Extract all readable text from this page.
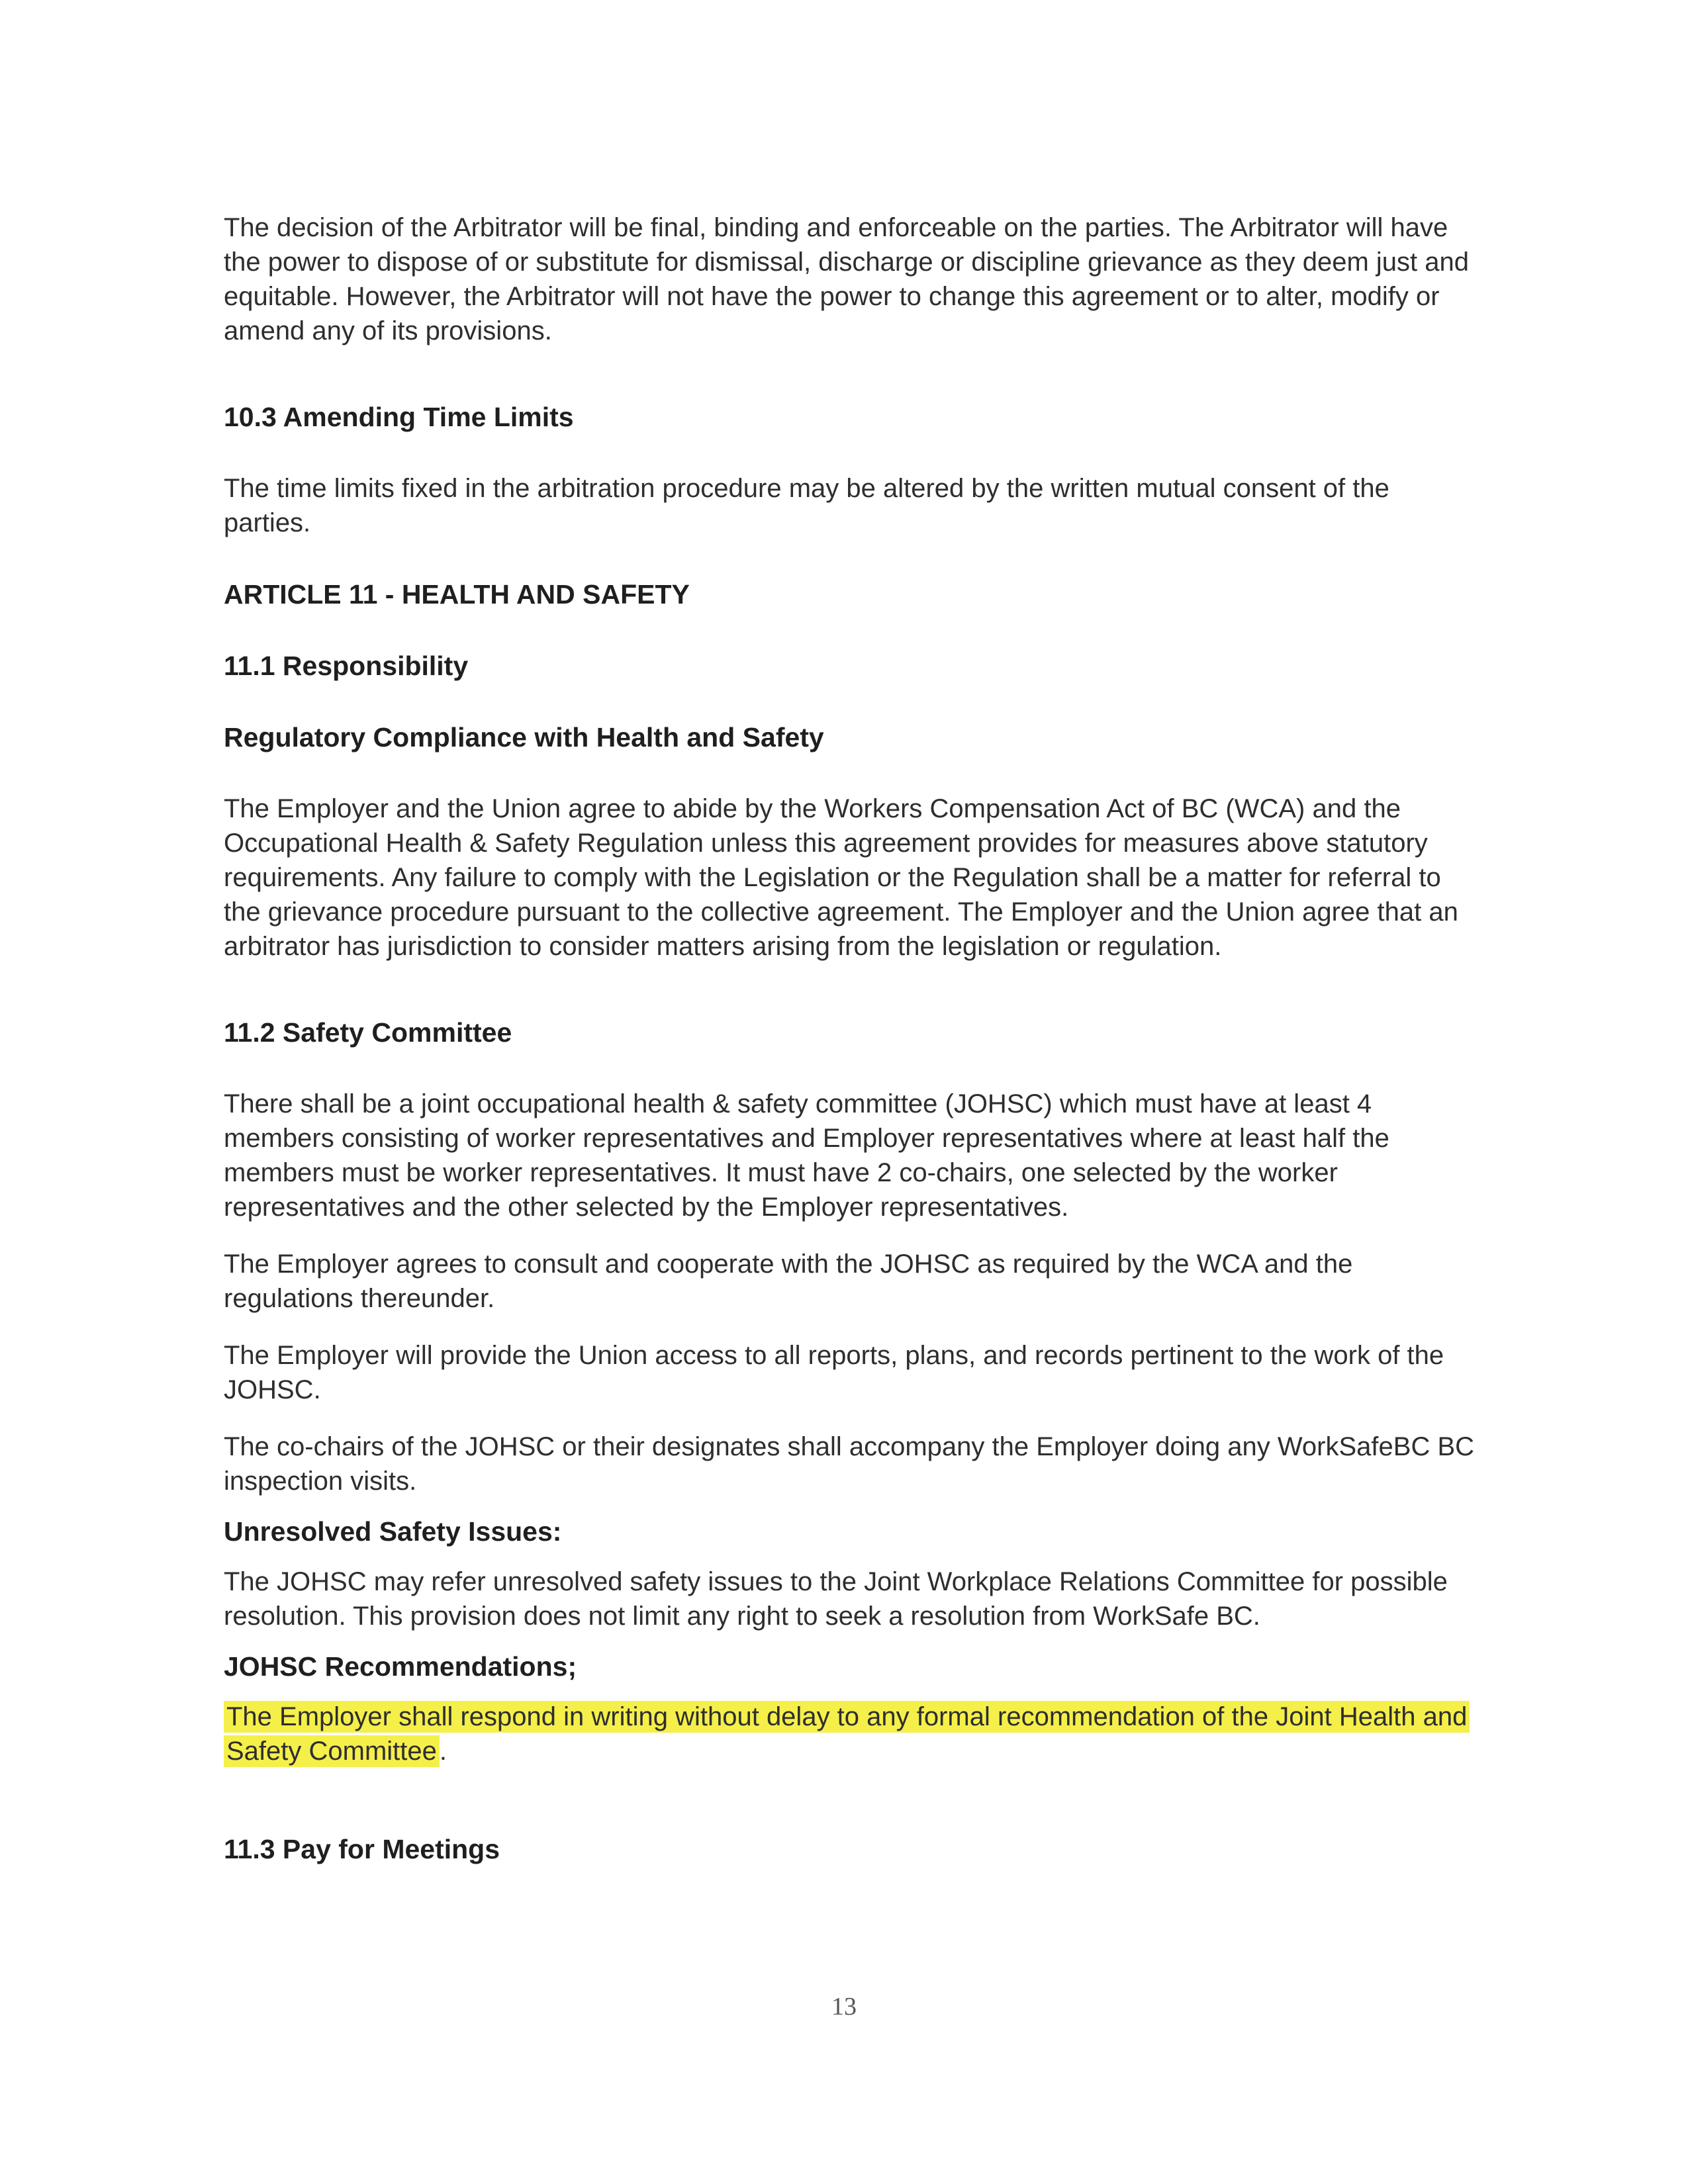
The decision of the Arbitrator will be final, binding and enforceable on the parties. The Arbitrator will have the power to dispose of or substitute for dismissal, discharge or discipline grievance as they deem just and equitable. However, the Arbitrator will not have the power to change this agreement or to alter, modify or amend any of its provisions.

10.3 Amending Time Limits

The time limits fixed in the arbitration procedure may be altered by the written mutual consent of the parties.

ARTICLE 11 - HEALTH AND SAFETY
11.1 Responsibility
Regulatory Compliance with Health and Safety

The Employer and the Union agree to abide by the Workers Compensation Act of BC (WCA) and the Occupational Health & Safety Regulation unless this agreement provides for measures above statutory requirements. Any failure to comply with the Legislation or the Regulation shall be a matter for referral to the grievance procedure pursuant to the collective agreement. The Employer and the Union agree that an arbitrator has jurisdiction to consider matters arising from the legislation or regulation.

11.2 Safety Committee

There shall be a joint occupational health & safety committee (JOHSC) which must have at least 4 members consisting of worker representatives and Employer representatives where at least half the members must be worker representatives. It must have 2 co-chairs, one selected by the worker representatives and the other selected by the Employer representatives.

The Employer agrees to consult and cooperate with the JOHSC as required by the WCA and the regulations thereunder.

The Employer will provide the Union access to all reports, plans, and records pertinent to the work of the JOHSC.

The co-chairs of the JOHSC or their designates shall accompany the Employer doing any WorkSafeBC BC inspection visits.

Unresolved Safety Issues:

The JOHSC may refer unresolved safety issues to the Joint Workplace Relations Committee for possible resolution. This provision does not limit any right to seek a resolution from WorkSafe BC.

JOHSC Recommendations;

The Employer shall respond in writing without delay to any formal recommendation of the Joint Health and Safety Committee .

11.3 Pay for Meetings
13
